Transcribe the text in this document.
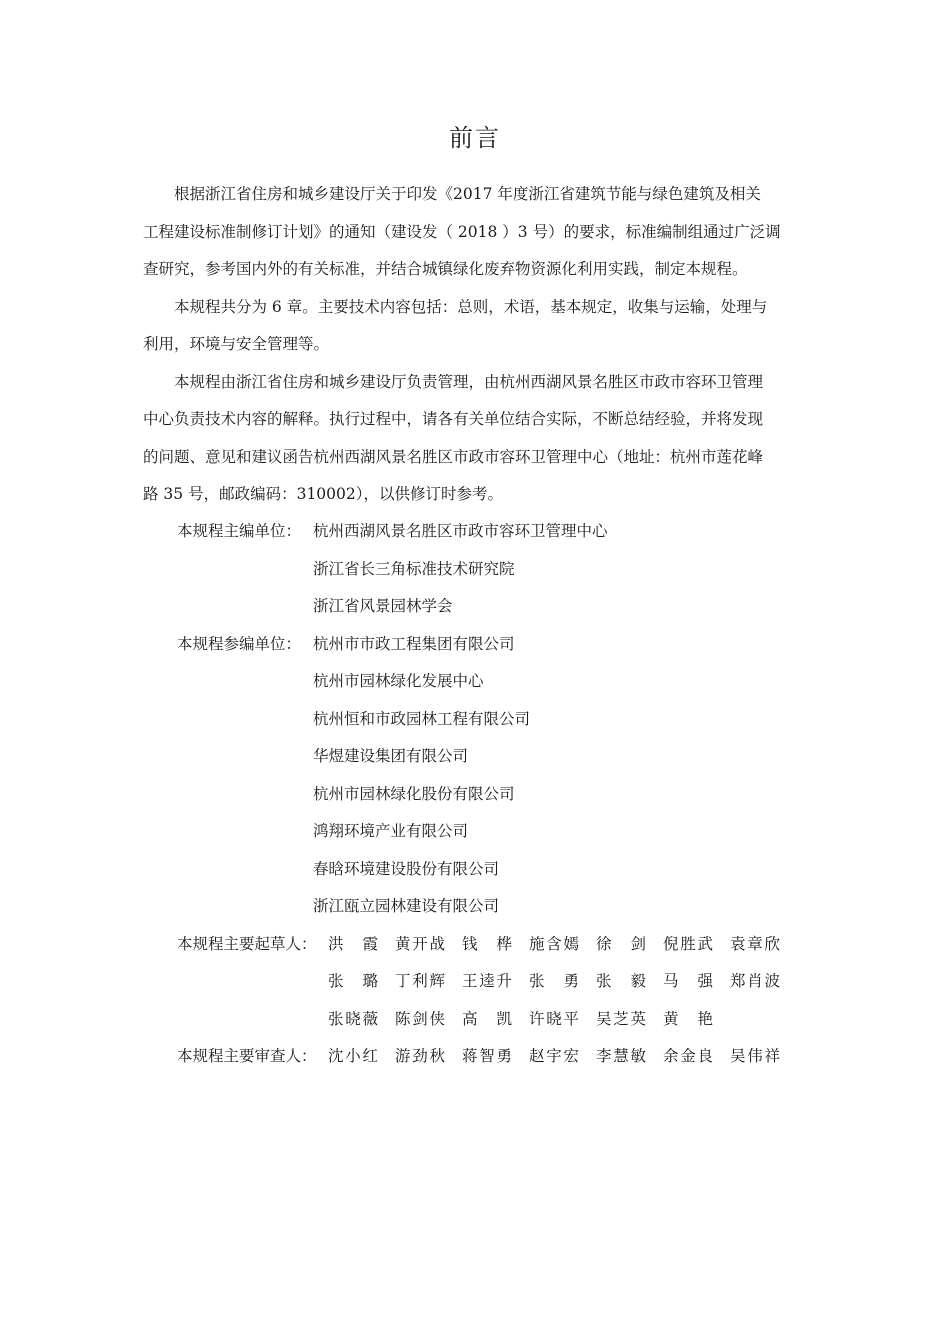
前言

根据浙江省住房和城乡建设厅关于印发《2017 年度浙江省建筑节能与绿色建筑及相关
工程建设标准制修订计划》的通知（建设发（ 2018 ）3 号）的要求，标准编制组通过广泛调
查研究，参考国内外的有关标准，并结合城镇绿化废弃物资源化利用实践，制定本规程。

本规程共分为 6 章。主要技术内容包括：总则，术语，基本规定，收集与运输，处理与
利用，环境与安全管理等。

本规程由浙江省住房和城乡建设厅负责管理，由杭州西湖风景名胜区市政市容环卫管理
中心负责技术内容的解释。执行过程中，请各有关单位结合实际，不断总结经验，并将发现
的问题、意见和建议函告杭州西湖风景名胜区市政市容环卫管理中心（地址：杭州市莲花峰
路 35 号，邮政编码：310002），以供修订时参考。

本规程主编单位： 杭州西湖风景名胜区市政市容环卫管理中心
浙江省长三角标准技术研究院
浙江省风景园林学会
本规程参编单位： 杭州市市政工程集团有限公司
杭州市园林绿化发展中心
杭州恒和市政园林工程有限公司
华煜建设集团有限公司
杭州市园林绿化股份有限公司
鸿翔环境产业有限公司
春晗环境建设股份有限公司
浙江瓯立园林建设有限公司
本规程主要起草人： 洪　霞	黄开战	钱　桦	施含嫣	徐　剑	倪胜武	袁章欣
张　璐	丁利辉	王逵升	张　勇	张　毅	马　强	郑肖波
张晓薇	陈剑侠	高　凯	许晓平	吴芝英	黄　艳
本规程主要审查人： 沈小红	游劲秋	蒋智勇	赵宇宏	李慧敏	余金良	吴伟祥
